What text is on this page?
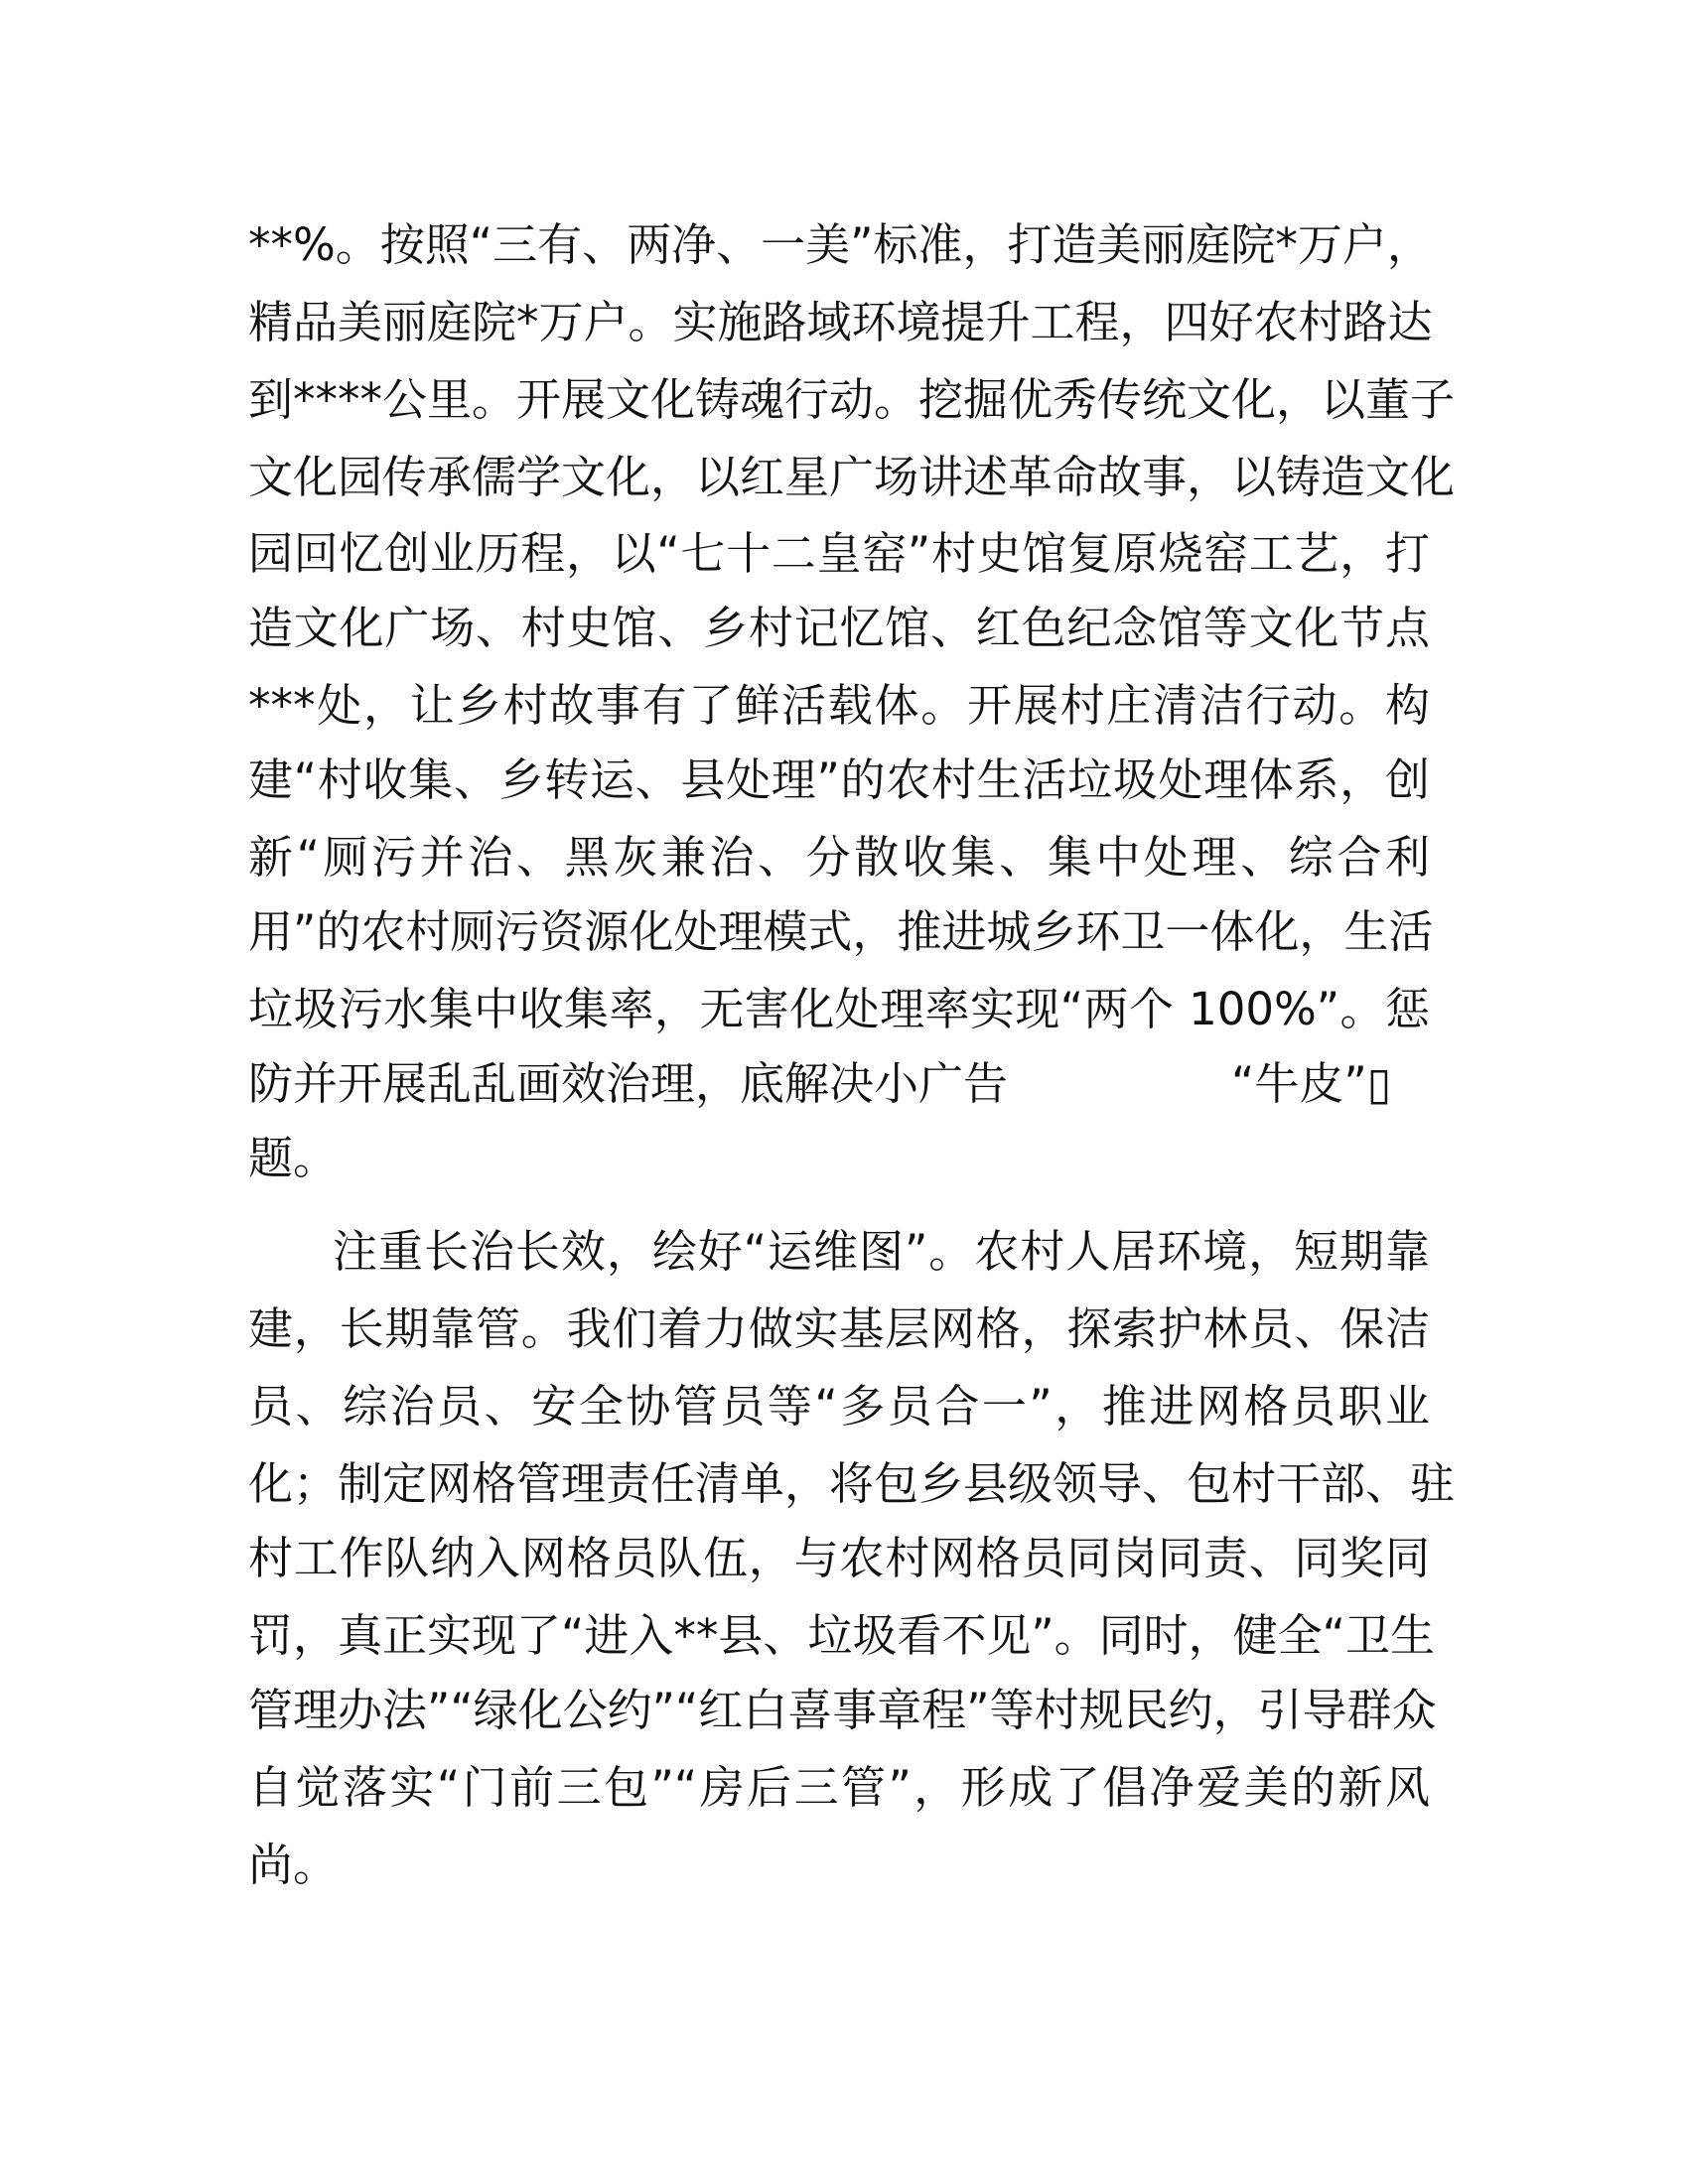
**%。按照“三有、两净、一美”标准，打造美丽庭院*万户，
精品美丽庭院*万户。实施路域环境提升工程，四好农村路达
到****公里。开展文化铸魂行动。挖掘优秀传统文化，以董子
文化园传承儒学文化，以红星广场讲述革命故事，以铸造文化
园回忆创业历程，以“七十二皇窑”村史馆复原烧窑工艺，打
造文化广场、村史馆、乡村记忆馆、红色纪念馆等文化节点
***处，让乡村故事有了鲜活载体。开展村庄清洁行动。构
建“村收集、乡转运、县处理”的农村生活垃圾处理体系，创
新“厕污并治、黑灰兼治、分散收集、集中处理、综合利
用”的农村厕污资源化处理模式，推进城乡环卫一体化，生活
垃圾污水集中收集率，无害化处理率实现“两个 100%”。惩
防并开展乱乱画效治理，底解决小广告　　　　　“牛皮”▯
题。
注重长治长效，绘好“运维图”。农村人居环境，短期靠
建，长期靠管。我们着力做实基层网格，探索护林员、保洁
员、综治员、安全协管员等“多员合一”，推进网格员职业
化；制定网格管理责任清单，将包乡县级领导、包村干部、驻
村工作队纳入网格员队伍，与农村网格员同岗同责、同奖同
罚，真正实现了“进入**县、垃圾看不见”。同时，健全“卫生
管理办法”“绿化公约”“红白喜事章程”等村规民约，引导群众
自觉落实“门前三包”“房后三管”，形成了倡净爱美的新风
尚。
